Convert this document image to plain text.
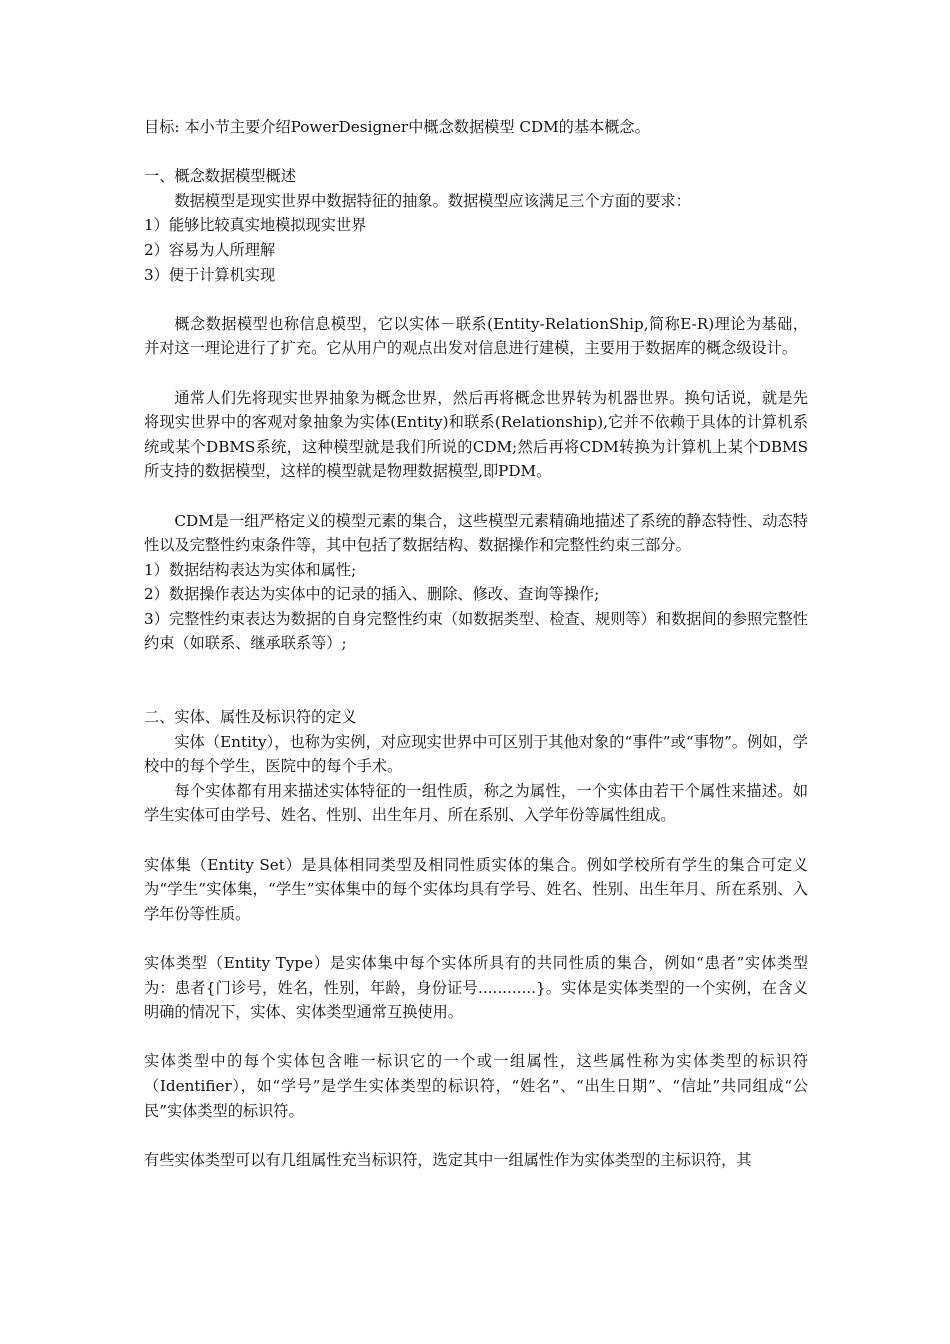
目标: 本小节主要介绍PowerDesigner中概念数据模型 CDM的基本概念。

一、概念数据模型概述

数据模型是现实世界中数据特征的抽象。数据模型应该满足三个方面的要求：

1）能够比较真实地模拟现实世界

2）容易为人所理解

3）便于计算机实现

概念数据模型也称信息模型，它以实体－联系(Entity-RelationShip,简称E-R)理论为基础，并对这一理论进行了扩充。它从用户的观点出发对信息进行建模，主要用于数据库的概念级设计。

通常人们先将现实世界抽象为概念世界，然后再将概念世界转为机器世界。换句话说，就是先将现实世界中的客观对象抽象为实体(Entity)和联系(Relationship),它并不依赖于具体的计算机系统或某个DBMS系统，这种模型就是我们所说的CDM;然后再将CDM转换为计算机上某个DBMS所支持的数据模型，这样的模型就是物理数据模型,即PDM。

CDM是一组严格定义的模型元素的集合，这些模型元素精确地描述了系统的静态特性、动态特性以及完整性约束条件等，其中包括了数据结构、数据操作和完整性约束三部分。

1）数据结构表达为实体和属性;

2）数据操作表达为实体中的记录的插入、删除、修改、查询等操作;

3）完整性约束表达为数据的自身完整性约束（如数据类型、检查、规则等）和数据间的参照完整性约束（如联系、继承联系等）;

二、实体、属性及标识符的定义

实体（Entity），也称为实例，对应现实世界中可区别于其他对象的“事件”或“事物”。例如，学校中的每个学生，医院中的每个手术。

每个实体都有用来描述实体特征的一组性质，称之为属性，一个实体由若干个属性来描述。如学生实体可由学号、姓名、性别、出生年月、所在系别、入学年份等属性组成。

实体集（Entity Set）是具体相同类型及相同性质实体的集合。例如学校所有学生的集合可定义为“学生”实体集，“学生”实体集中的每个实体均具有学号、姓名、性别、出生年月、所在系别、入学年份等性质。

实体类型（Entity Type）是实体集中每个实体所具有的共同性质的集合，例如“患者”实体类型为：患者{门诊号，姓名，性别，年龄，身份证号............}。实体是实体类型的一个实例，在含义明确的情况下，实体、实体类型通常互换使用。

实体类型中的每个实体包含唯一标识它的一个或一组属性，这些属性称为实体类型的标识符（Identifier），如“学号”是学生实体类型的标识符，“姓名”、“出生日期”、“信址”共同组成“公民”实体类型的标识符。

有些实体类型可以有几组属性充当标识符，选定其中一组属性作为实体类型的主标识符，其
